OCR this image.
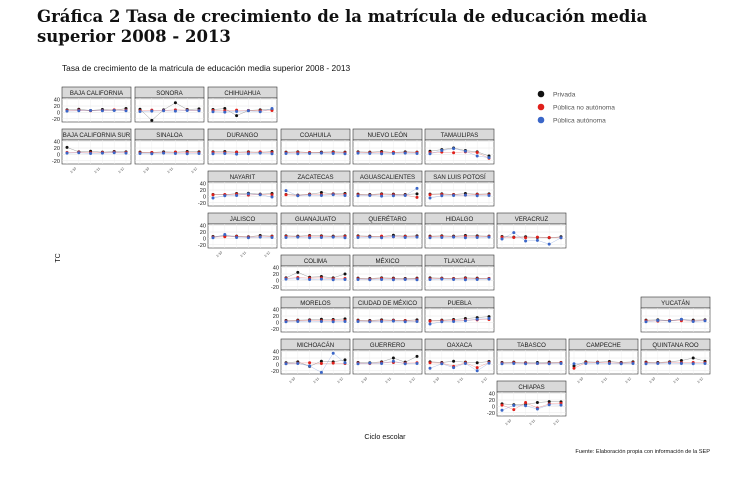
Gráfica 2 Tasa de crecimiento de la matrícula de educación media superior 2008 - 2013
Tasa de crecimiento de la matricula de educación media superior 2008 - 2013
TC
Ciclo escolar
Fuente: Elaboración propia con información de la SEP
Privada
Pública no autónoma
Pública autónoma
BAJA CALIFORNIA
40
20
0
-20
SONORA	CHIHUAHUA
BAJA CALIFORNIA SUR
40
20
0
-20
2-10	2-11	2-12
SINALOA
2-10	2-11	2-12
DURANGO	COAHUILA	NUEVO LEÓN	TAMAULIPAS
NAYARIT
40
20
0
-20
ZACATECAS	AGUASCALIENTES	SAN LUIS POTOSÍ
JALISCO
40
20
0
-20
2-10	2-11	2-12
GUANAJUATO	QUERÉTARO	HIDALGO	VERACRUZ
COLIMA
40
20
0
-20
MÉXICO	TLAXCALA
MORELOS
40
20
0
-20
CIUDAD DE MÉXICO	PUEBLA	YUCATÁN
MICHOACÁN
40
20
0
-20
2-10	2-11	2-12
GUERRERO
2-10	2-11	2-12
OAXACA
2-10	2-11	2-12
TABASCO	CAMPECHE
2-10	2-11	2-12
QUINTANA ROO
2-10	2-11	2-12
CHIAPAS
40
20
0
-20
2-10	2-11	2-12
